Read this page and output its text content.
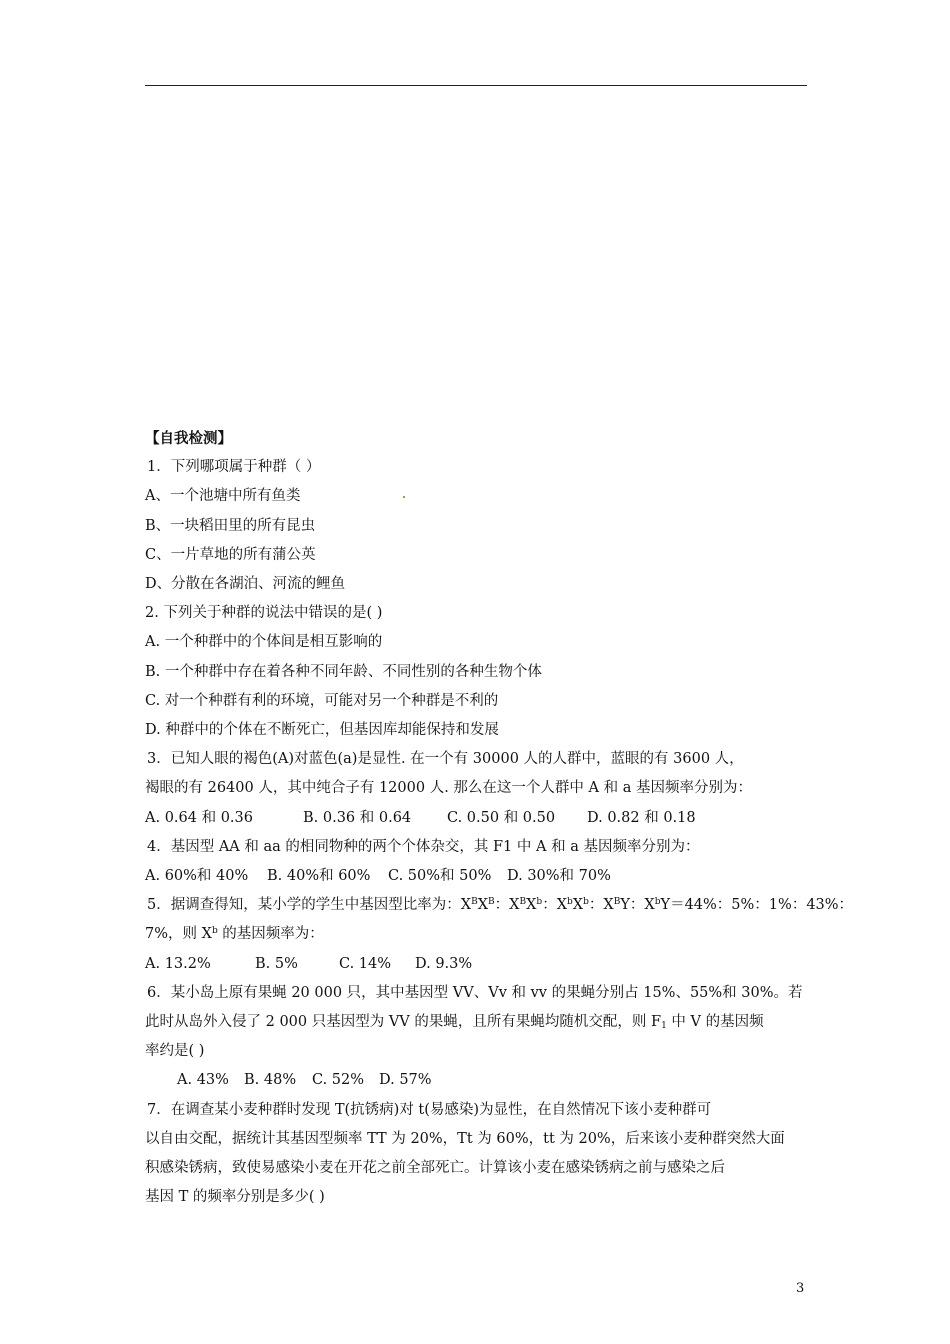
【自我检测】
1．下列哪项属于种群（ ）
A、一个池塘中所有鱼类
B、一块稻田里的所有昆虫
C、一片草地的所有蒲公英
D、分散在各湖泊、河流的鲤鱼
2. 下列关于种群的说法中错误的是( )
A. 一个种群中的个体间是相互影响的
B. 一个种群中存在着各种不同年龄、不同性别的各种生物个体
C. 对一个种群有利的环境，可能对另一个种群是不利的
D. 种群中的个体在不断死亡，但基因库却能保持和发展
3．已知人眼的褐色(A)对蓝色(a)是显性. 在一个有 30000 人的人群中，蓝眼的有 3600 人，
褐眼的有 26400 人，其中纯合子有 12000 人. 那么在这一个人群中 A 和 a 基因频率分别为：
A. 0.64 和 0.36	B. 0.36 和 0.64 C. 0.50 和 0.50 D. 0.82 和 0.18
4．基因型 AA 和 aa 的相同物种的两个个体杂交，其 F1 中 A 和 a 基因频率分别为：
A. 60%和 40% B. 40%和 60% C. 50%和 50% D. 30%和 70%
5．据调查得知，某小学的学生中基因型比率为：$X^BX^B$：$X^BX^b$：$X^bX^b$：$X^BY$：$X^bY=44\%$：5%：1%：43%：
7%，则 $X^b$ 的基因频率为：
A. 13.2%	B. 5%	C. 14% D. 9.3%
6．某小岛上原有果蝇 20 000 只，其中基因型 VV、Vv 和 vv 的果蝇分别占 15%、55%和 30%。若
此时从岛外入侵了 2 000 只基因型为 VV 的果蝇，且所有果蝇均随机交配，则 $F_1$ 中 V 的基因频
率约是( )
A. 43% B. 48% C. 52% D. 57%
7．在调查某小麦种群时发现 T(抗锈病)对 t(易感染)为显性，在自然情况下该小麦种群可
以自由交配，据统计其基因型频率 TT 为 20%，Tt 为 60%，tt 为 20%，后来该小麦种群突然大面
积感染锈病，致使易感染小麦在开花之前全部死亡。计算该小麦在感染锈病之前与感染之后
基因 T 的频率分别是多少( )
3
